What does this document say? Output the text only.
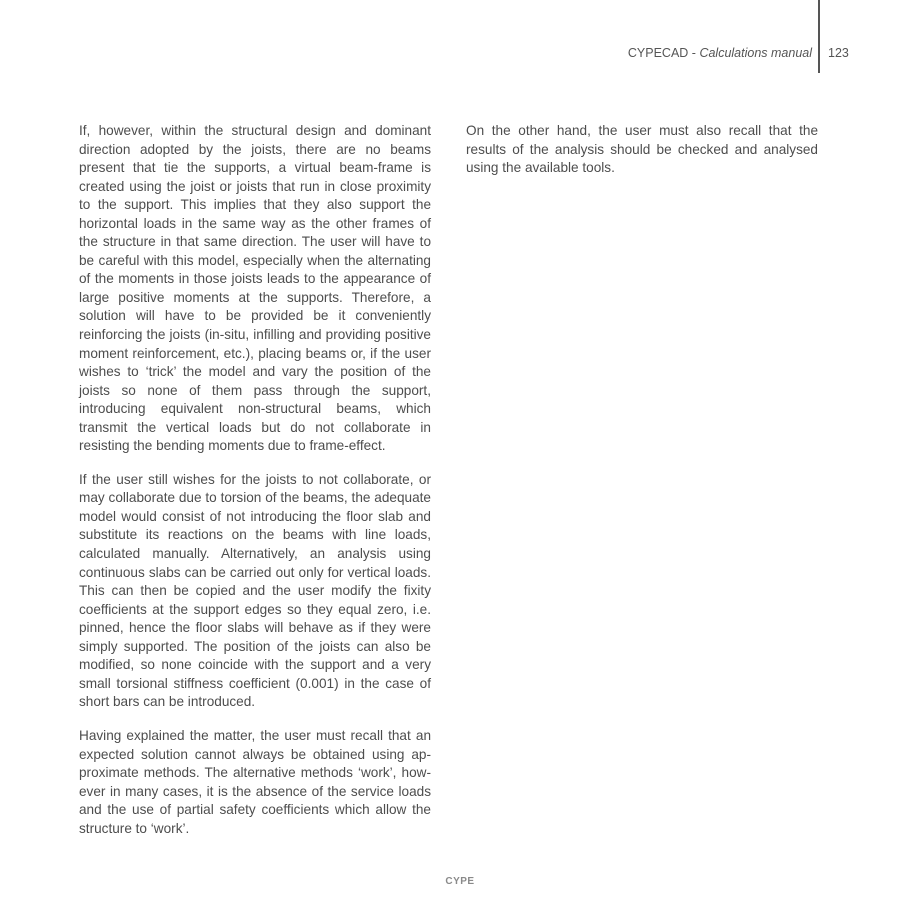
CYPECAD - Calculations manual 123

If, however, within the structural design and dominant direction adopted by the joists, there are no beams present that tie the supports, a virtual beam-frame is created using the joist or joists that run in close proximity to the support. This implies that they also support the horizontal loads in the same way as the other frames of the structure in that same direction. The user will have to be careful with this model, especially when the alternating of the moments in those joists leads to the appearance of large positive moments at the supports. Therefore, a solution will have to be provided be it conveniently reinforcing the joists (in-situ, infilling and providing positive moment reinforcement, etc.), placing beams or, if the user wishes to ‘trick’ the model and vary the position of the joists so none of them pass through the support, introducing equivalent non-structural beams, which transmit the vertical loads but do not collaborate in resisting the bending moments due to frame-effect.

If the user still wishes for the joists to not collaborate, or may collaborate due to torsion of the beams, the adequate model would consist of not introducing the floor slab and substitute its reactions on the beams with line loads, calculated manually. Alternatively, an analysis using continuous slabs can be carried out only for vertical loads. This can then be copied and the user modify the fixity coefficients at the support edges so they equal zero, i.e. pinned, hence the floor slabs will behave as if they were simply supported. The position of the joists can also be modified, so none coincide with the support and a very small torsional stiffness coefficient (0.001) in the case of short bars can be introduced.

Having explained the matter, the user must recall that an expected solution cannot always be obtained using approximate methods. The alternative methods ‘work’, however in many cases, it is the absence of the service loads and the use of partial safety coefficients which allow the structure to ‘work’.

On the other hand, the user must also recall that the results of the analysis should be checked and analysed using the available tools.

CYPE
